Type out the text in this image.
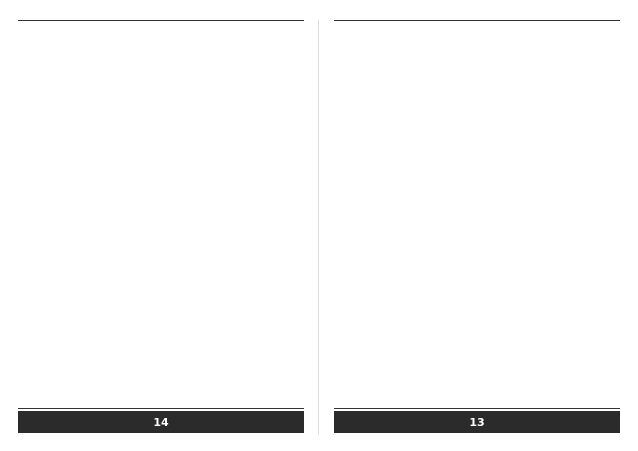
14	13
